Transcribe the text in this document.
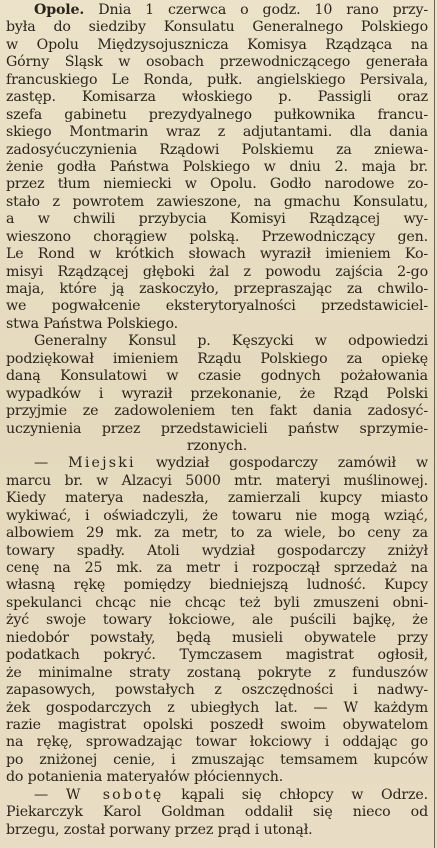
Opole. Dnia 1 czerwca o godz. 10 rano przy-
była do siedziby Konsulatu Generalnego Polskiego
w Opolu Międzysojusznicza Komisya Rządząca na
Górny Śląsk w osobach przewodniczącego generała
francuskiego Le Ronda, pułk. angielskiego Persivala,
zastęp. Komisarza włoskiego p. Passigli oraz
szefa gabinetu prezydyalnego pułkownika francu-
skiego Montmarin wraz z adjutantami. dla dania
zadosyćuczynienia Rządowi Polskiemu za zniewa-
żenie godła Państwa Polskiego w dniu 2. maja br.
przez tłum niemiecki w Opolu. Godło narodowe zo-
stało z powrotem zawieszone, na gmachu Konsulatu,
a w chwili przybycia Komisyi Rządzącej wy-
wieszono chorągiew polską. Przewodniczący gen.
Le Rond w krótkich słowach wyraził imieniem Ko-
misyi Rządzącej głęboki żal z powodu zajścia 2-go
maja, które ją zaskoczyło, przepraszając za chwilo-
we pogwałcenie eksterytoryalności przedstawiciel-
stwa Państwa Polskiego.
Generalny Konsul p. Kęszycki w odpowiedzi
podziękował imieniem Rządu Polskiego za opiekę
daną Konsulatowi w czasie godnych pożałowania
wypadków i wyraził przekonanie, że Rząd Polski
przyjmie ze zadowoleniem ten fakt dania zadosyć-
uczynienia przez przedstawicieli państw sprzymie-
rzonych.
— Miejski wydział gospodarczy zamówił w
marcu br. w Alzacyi 5000 mtr. materyi muślinowej.
Kiedy materya nadeszła, zamierzali kupcy miasto
wykiwać, i oświadczyli, że towaru nie mogą wziąć,
albowiem 29 mk. za metr, to za wiele, bo ceny za
towary spadły. Atoli wydział gospodarczy zniżył
cenę na 25 mk. za metr i rozpoczął sprzedaż na
własną rękę pomiędzy biedniejszą ludność. Kupcy
spekulanci chcąc nie chcąc też byli zmuszeni obni-
żyć swoje towary łokciowe, ale puścili bajkę, że
niedobór powstały, będą musieli obywatele przy
podatkach pokryć. Tymczasem magistrat ogłosił,
że minimalne straty zostaną pokryte z funduszów
zapasowych, powstałych z oszczędności i nadwy-
żek gospodarczych z ubiegłych lat. — W każdym
razie magistrat opolski poszedł swoim obywatelom
na rękę, sprowadzając towar łokciowy i oddając go
po zniżonej cenie, i zmuszając temsamem kupców
do potanienia materyałów płóciennych.
— W sobotę kąpali się chłopcy w Odrze.
Piekarczyk Karol Goldman oddalił się nieco od
brzegu, został porwany przez prąd i utonął.
